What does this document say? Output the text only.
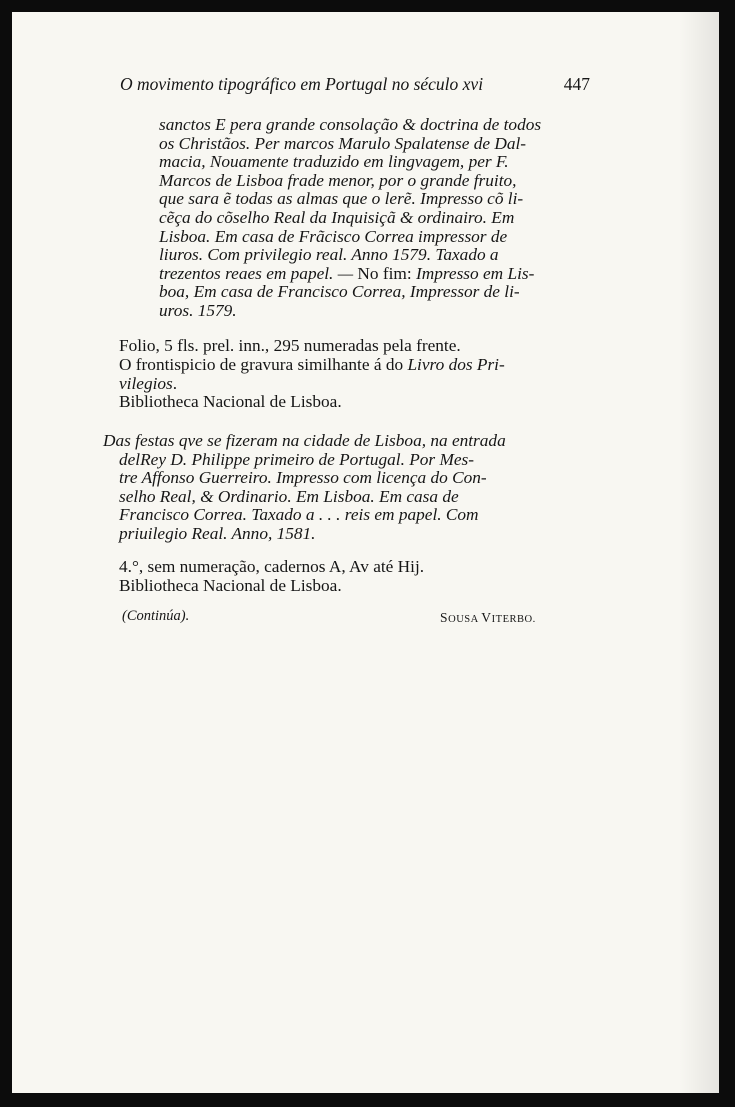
O movimento tipográfico em Portugal no século xvi	447
sanctos E pera grande consolação & doctrina de todos
os Christãos. Per marcos Marulo Spalatense de Dal-
macia, Nouamente traduzido em lingvagem, per F.
Marcos de Lisboa frade menor, por o grande fruito,
que sara ẽ todas as almas que o lerẽ. Impresso cõ li-
cẽça do cõselho Real da Inquisiçã & ordinairo. Em
Lisboa. Em casa de Frãcisco Correa impressor de
liuros. Com privilegio real. Anno 1579. Taxado a
trezentos reaes em papel. — No fim: Impresso em Lis-
boa, Em casa de Francisco Correa, Impressor de li-
uros. 1579.
Folio, 5 fls. prel. inn., 295 numeradas pela frente.
O frontispicio de gravura similhante á do Livro dos Pri-
vilegios.
Bibliotheca Nacional de Lisboa.
Das festas qve se fizeram na cidade de Lisboa, na entrada
delRey D. Philippe primeiro de Portugal. Por Mes-
tre Affonso Guerreiro. Impresso com licença do Con-
selho Real, & Ordinario. Em Lisboa. Em casa de
Francisco Correa. Taxado a . . . reis em papel. Com
priuilegio Real. Anno, 1581.
4.°, sem numeração, cadernos A, Av até Hij.
Bibliotheca Nacional de Lisboa.
(Continúa).	SOUSA VITERBO.
